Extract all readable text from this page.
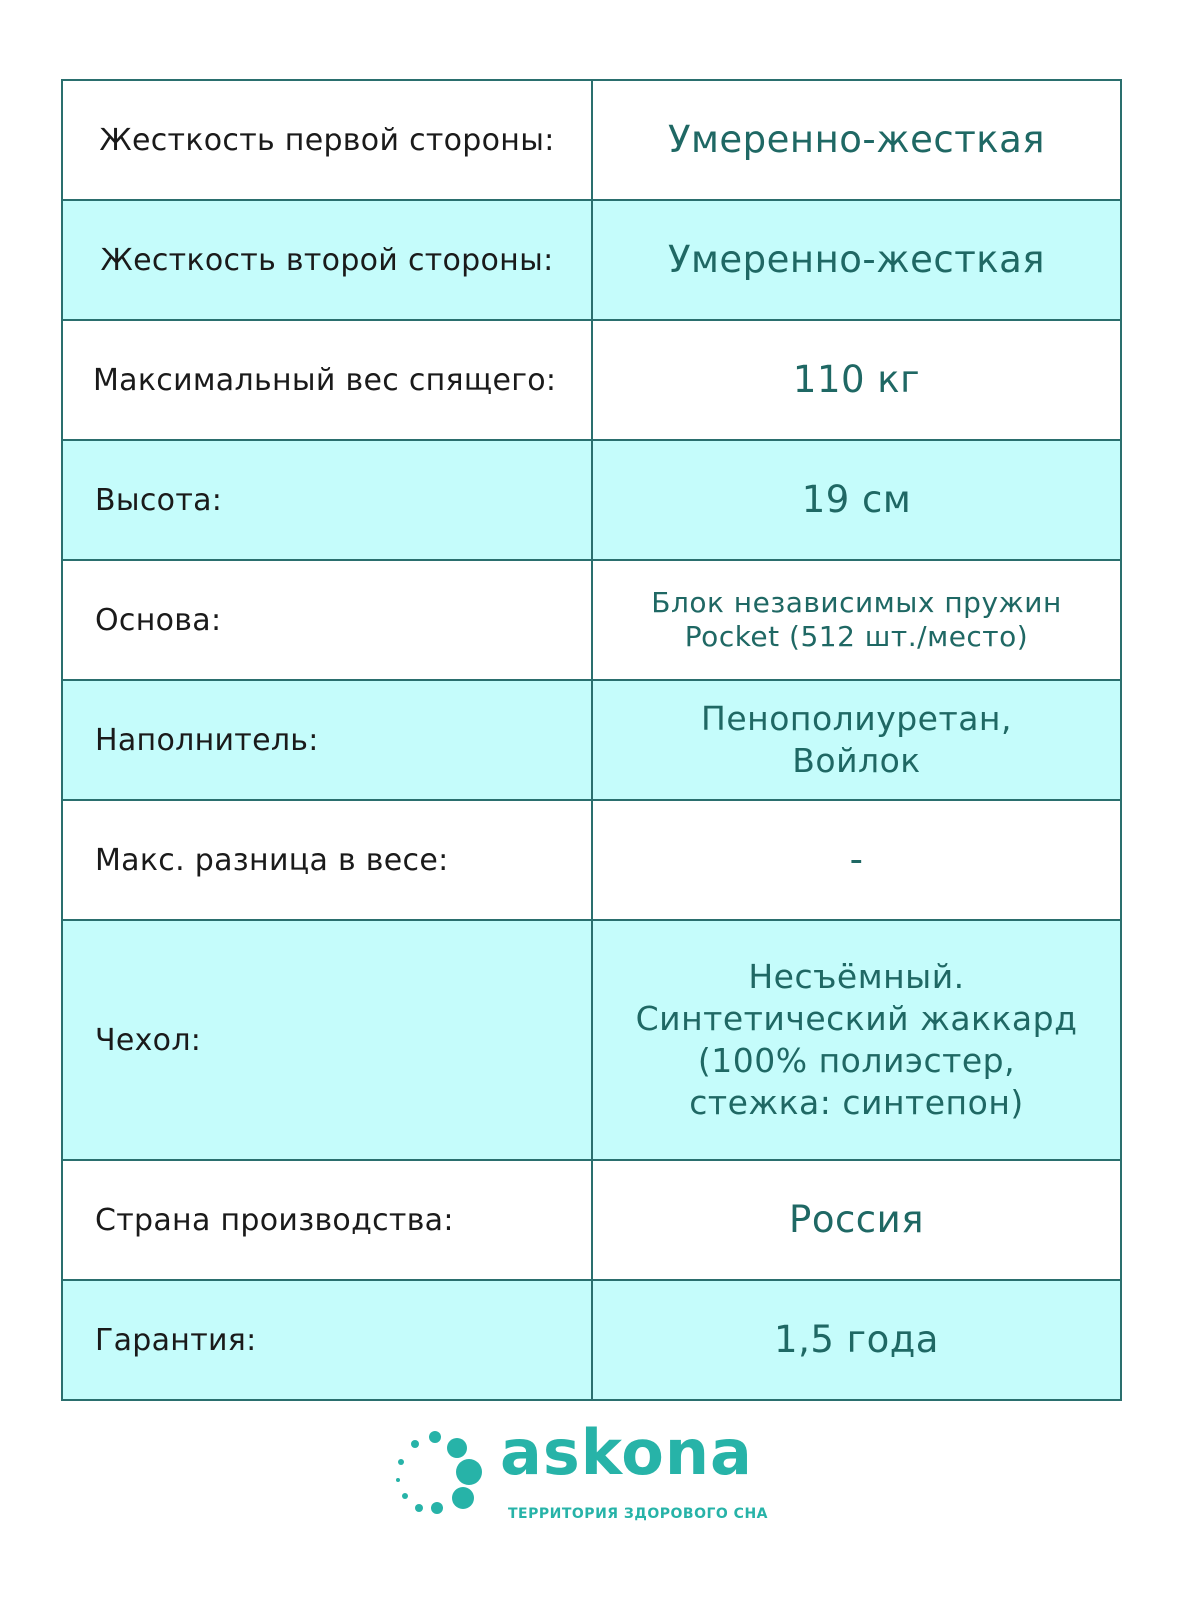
Жесткость первой стороны:	Умеренно-жесткая

Жесткость второй стороны:	Умеренно-жесткая

Максимальный вес спящего:	110 кг

Высота:	19 см

Основа:	Блок независимых пружин
Pocket (512 шт./место)

Наполнитель:	Пенополиуретан,
Войлок

Макс. разница в весе:	-

Чехол:	Несъёмный.
Синтетический жаккард
(100% полиэстер,
стежка: синтепон)

Страна производства:	Россия

Гарантия:	1,5 года
askona
ТЕРРИТОРИЯ ЗДОРОВОГО СНА
